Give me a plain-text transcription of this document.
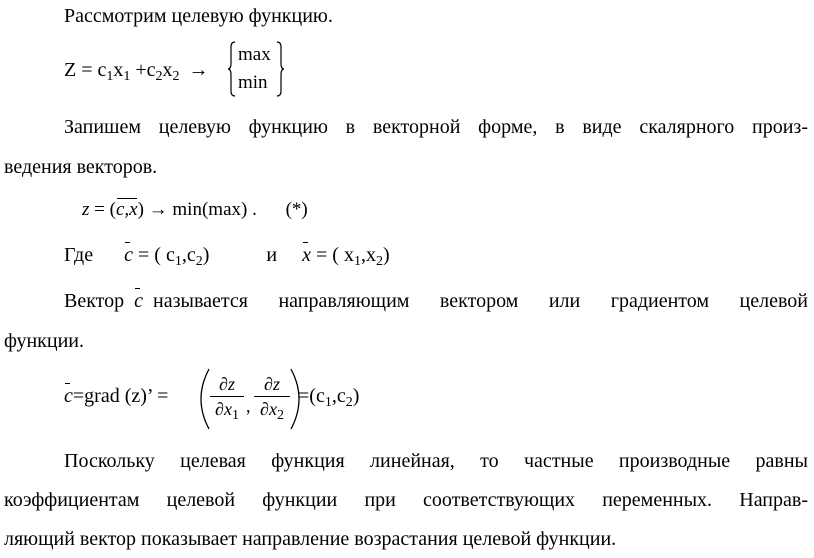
Рассмотрим целевую функцию.
$Z = c_1x_1 +c_2x_2$ →
max
min
Запишем целевую функцию в векторной форме, в виде скалярного произ-
ведения векторов.
z = (c,x) → min(max) . (*)
Где c = ( $c_1,c_2$)	и x = ( $x_1,x_2$)
Вектор c называется направляющим вектором или градиентом целевой
функции.
c=grad (z)’ = $\frac{\partial z}{\partial x_1}$ , $\frac{\partial z}{\partial x_2} =(c_1,c_2)$
Поскольку целевая функция линейная, то частные производные равны
коэффициентам целевой функции при соответствующих переменных. Направ-
ляющий вектор показывает направление возрастания целевой функции.
